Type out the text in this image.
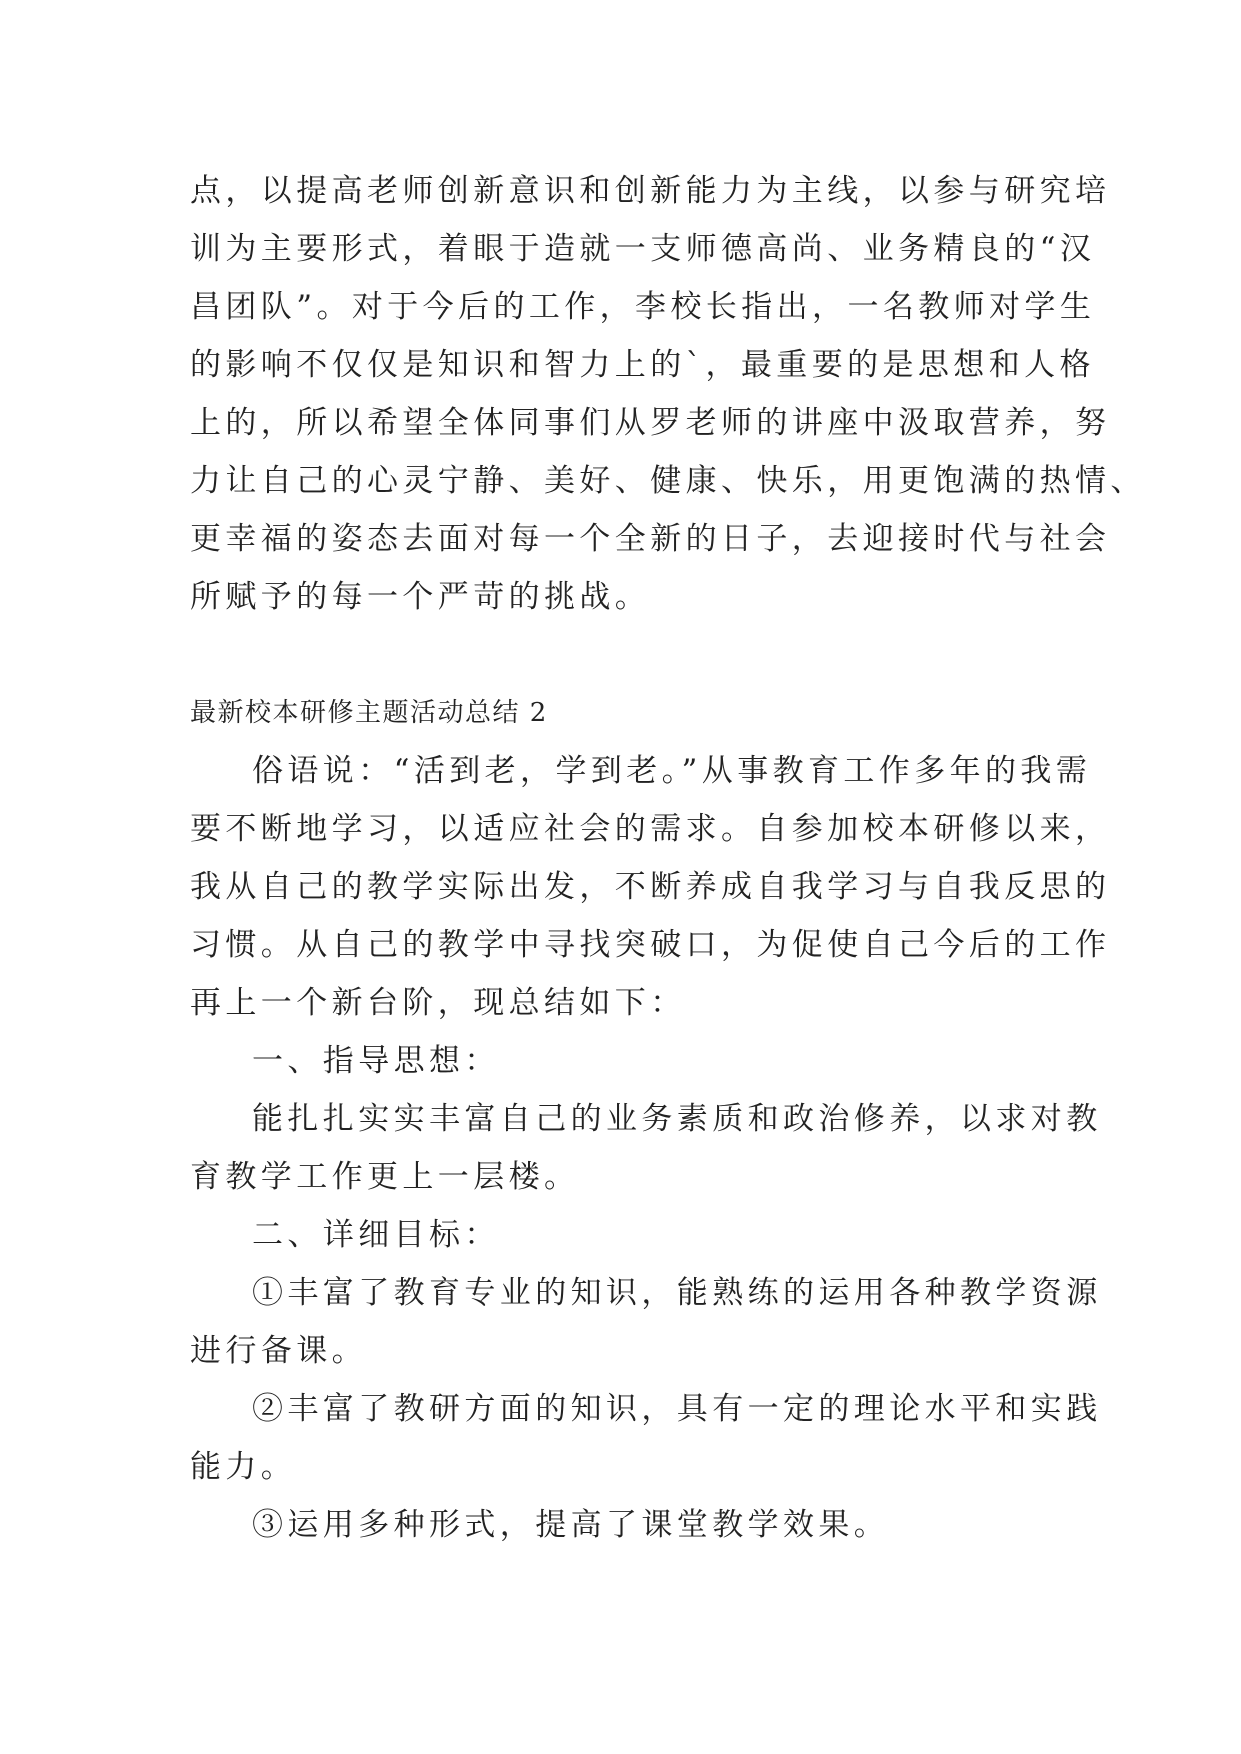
点，以提高老师创新意识和创新能力为主线，以参与研究培
训为主要形式，着眼于造就一支师德高尚、业务精良的“汉
昌团队”。对于今后的工作，李校长指出，一名教师对学生
的影响不仅仅是知识和智力上的`，最重要的是思想和人格
上的，所以希望全体同事们从罗老师的讲座中汲取营养，努
力让自己的心灵宁静、美好、健康、快乐，用更饱满的热情、
更幸福的姿态去面对每一个全新的日子，去迎接时代与社会
所赋予的每一个严苛的挑战。
最新校本研修主题活动总结 2
俗语说：“活到老，学到老。”从事教育工作多年的我需
要不断地学习，以适应社会的需求。自参加校本研修以来，
我从自己的教学实际出发，不断养成自我学习与自我反思的
习惯。从自己的教学中寻找突破口，为促使自己今后的工作
再上一个新台阶，现总结如下：
一、指导思想：
能扎扎实实丰富自己的业务素质和政治修养，以求对教
育教学工作更上一层楼。
二、详细目标：
①丰富了教育专业的知识，能熟练的运用各种教学资源
进行备课。
②丰富了教研方面的知识，具有一定的理论水平和实践
能力。
③运用多种形式，提高了课堂教学效果。
